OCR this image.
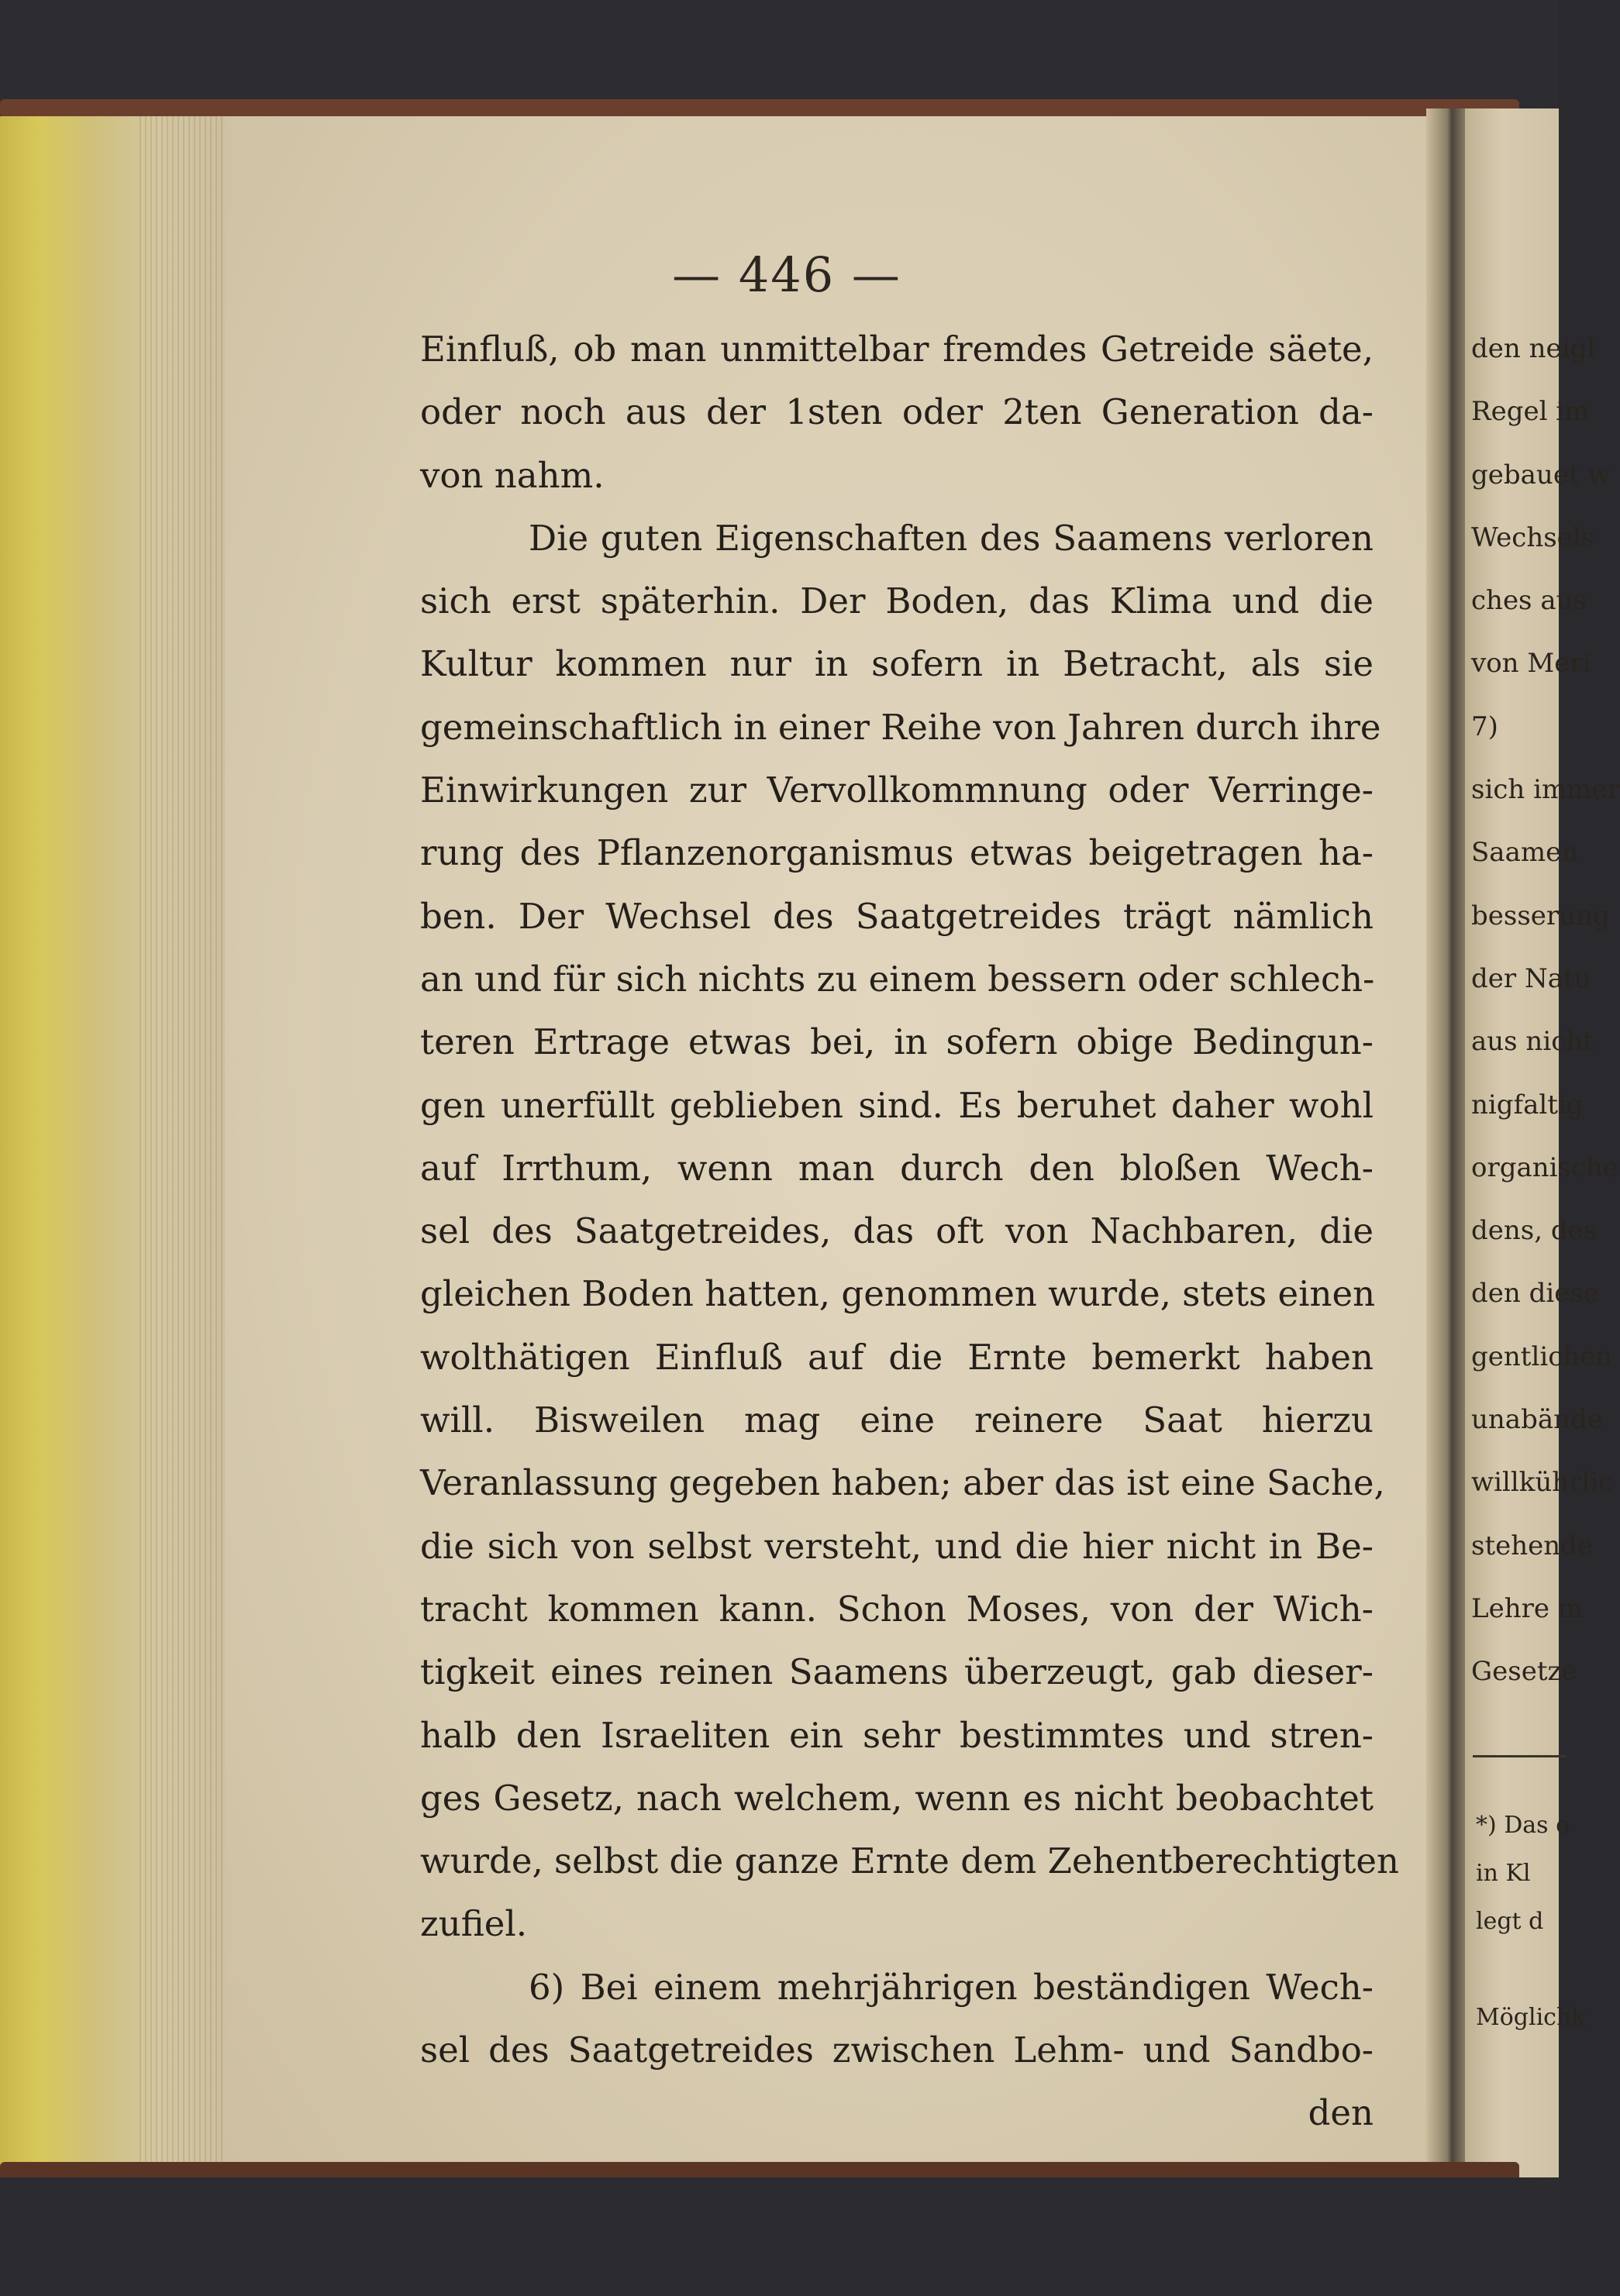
— 446 —
Einfluß, ob man unmittelbar fremdes Getreide säete,
oder noch aus der 1sten oder 2ten Generation da-
von nahm.
Die guten Eigenschaften des Saamens verloren
sich erst späterhin. Der Boden, das Klima und die
Kultur kommen nur in sofern in Betracht, als sie
gemeinschaftlich in einer Reihe von Jahren durch ihre
Einwirkungen zur Vervollkommnung oder Verringe-
rung des Pflanzenorganismus etwas beigetragen ha-
ben. Der Wechsel des Saatgetreides trägt nämlich
an und für sich nichts zu einem bessern oder schlech-
teren Ertrage etwas bei, in sofern obige Bedingun-
gen unerfüllt geblieben sind. Es beruhet daher wohl
auf Irrthum, wenn man durch den bloßen Wech-
sel des Saatgetreides, das oft von Nachbaren, die
gleichen Boden hatten, genommen wurde, stets einen
wolthätigen Einfluß auf die Ernte bemerkt haben
will. Bisweilen mag eine reinere Saat hierzu
Veranlassung gegeben haben; aber das ist eine Sache,
die sich von selbst versteht, und die hier nicht in Be-
tracht kommen kann. Schon Moses, von der Wich-
tigkeit eines reinen Saamens überzeugt, gab dieser-
halb den Israeliten ein sehr bestimmtes und stren-
ges Gesetz, nach welchem, wenn es nicht beobachtet
wurde, selbst die ganze Ernte dem Zehentberechtigten
zufiel.
6) Bei einem mehrjährigen beständigen Wech-
sel des Saatgetreides zwischen Lehm- und Sandbo-
den
den neigl
Regel im
gebauet w
Wechsels
ches aus
von Meri
7)
sich immer
Saamen
besserung
der Natu
aus nicht
nigfaltig
organische
dens, des
den diese
gentlichen
unabände
willkührlic
stehende
Lehre m
Gesetze
*) Das o
in Kl
legt d
Möglichk
